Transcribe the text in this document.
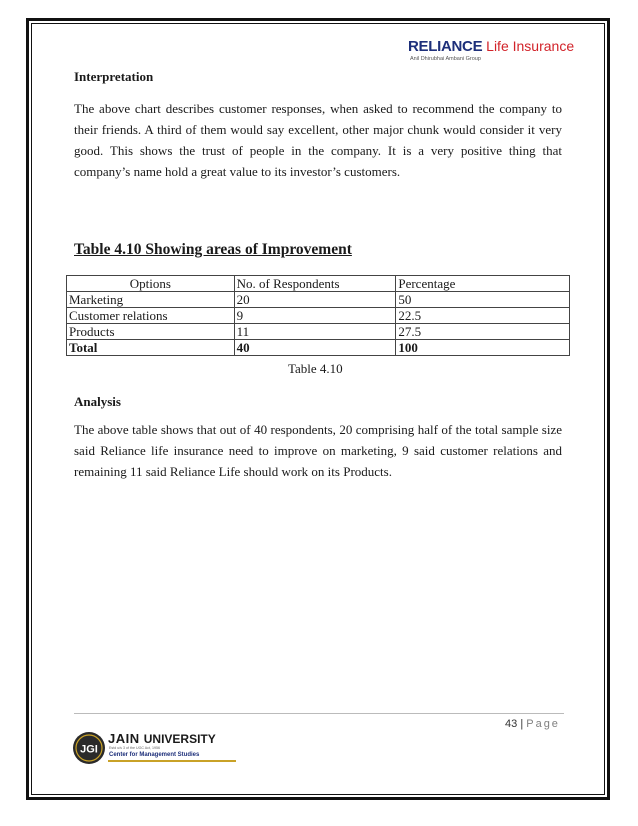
RELIANCE Life Insurance
Anil Dhirubhai Ambani Group
Interpretation
The above chart describes customer responses, when asked to recommend the company to their friends. A third of them would say excellent, other major chunk would consider it very good. This shows the trust of people in the company. It is a very positive thing that company’s name hold a great value to its investor’s customers.
Table 4.10 Showing areas of Improvement
Options	No. of Respondents	Percentage
Marketing	20	50
Customer relations	9	22.5
Products	11	27.5
Total	40	100
Table 4.10
Analysis
The above table shows that out of 40 respondents, 20 comprising half of the total sample size said Reliance life insurance need to improve on marketing, 9 said customer relations and remaining 11 said Reliance Life should work on its Products.
43 | Page
JGI
JAIN UNIVERSITY
Estd u/s 3 of the UGC Act, 1956
Center for Management Studies
